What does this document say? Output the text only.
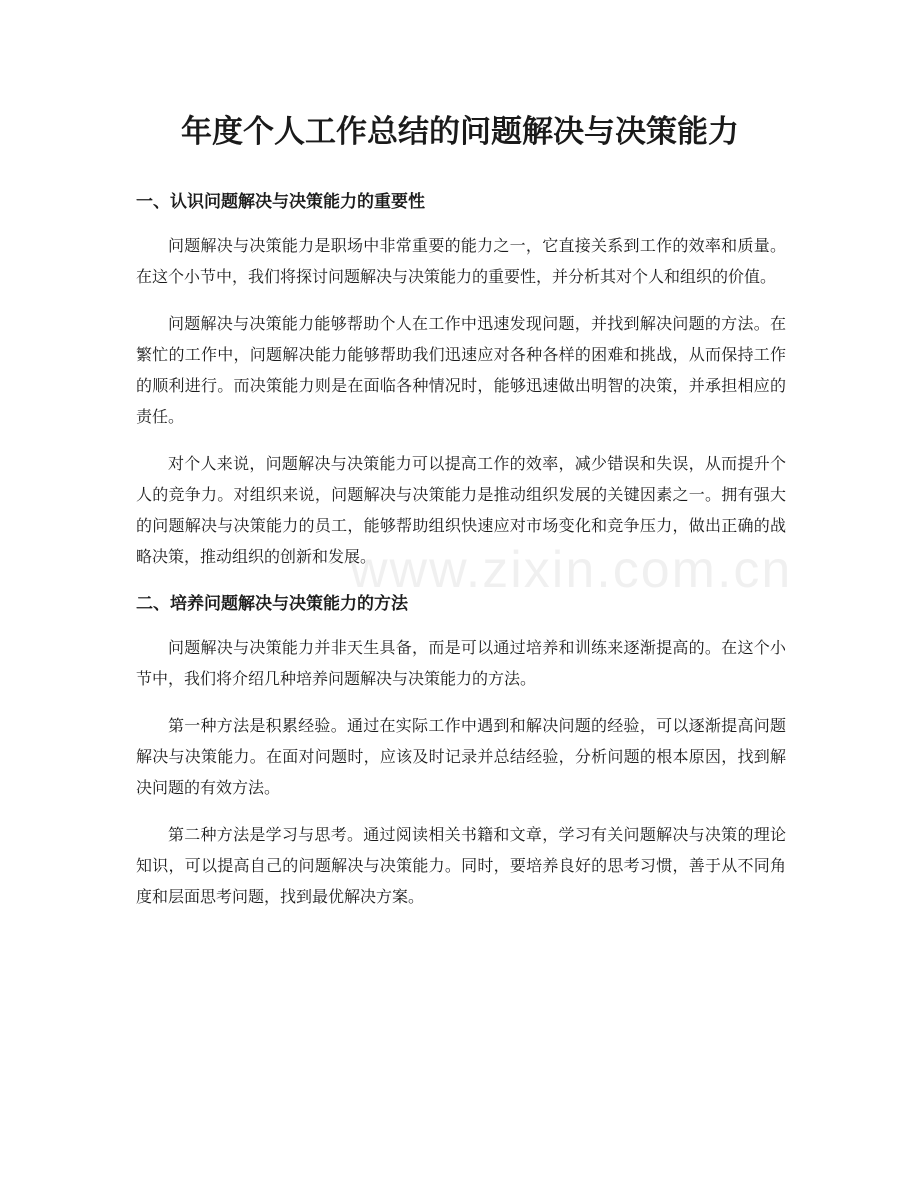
www.zixin.com.cn
年度个人工作总结的问题解决与决策能力
一、认识问题解决与决策能力的重要性

问题解决与决策能力是职场中非常重要的能力之一，它直接关系到工作的效率和质量。在这个小节中，我们将探讨问题解决与决策能力的重要性，并分析其对个人和组织的价值。

问题解决与决策能力能够帮助个人在工作中迅速发现问题，并找到解决问题的方法。在繁忙的工作中，问题解决能力能够帮助我们迅速应对各种各样的困难和挑战，从而保持工作的顺利进行。而决策能力则是在面临各种情况时，能够迅速做出明智的决策，并承担相应的责任。

对个人来说，问题解决与决策能力可以提高工作的效率，减少错误和失误，从而提升个人的竞争力。对组织来说，问题解决与决策能力是推动组织发展的关键因素之一。拥有强大的问题解决与决策能力的员工，能够帮助组织快速应对市场变化和竞争压力，做出正确的战略决策，推动组织的创新和发展。

二、培养问题解决与决策能力的方法

问题解决与决策能力并非天生具备，而是可以通过培养和训练来逐渐提高的。在这个小节中，我们将介绍几种培养问题解决与决策能力的方法。

第一种方法是积累经验。通过在实际工作中遇到和解决问题的经验，可以逐渐提高问题解决与决策能力。在面对问题时，应该及时记录并总结经验，分析问题的根本原因，找到解决问题的有效方法。

第二种方法是学习与思考。通过阅读相关书籍和文章，学习有关问题解决与决策的理论知识，可以提高自己的问题解决与决策能力。同时，要培养良好的思考习惯，善于从不同角度和层面思考问题，找到最优解决方案。
